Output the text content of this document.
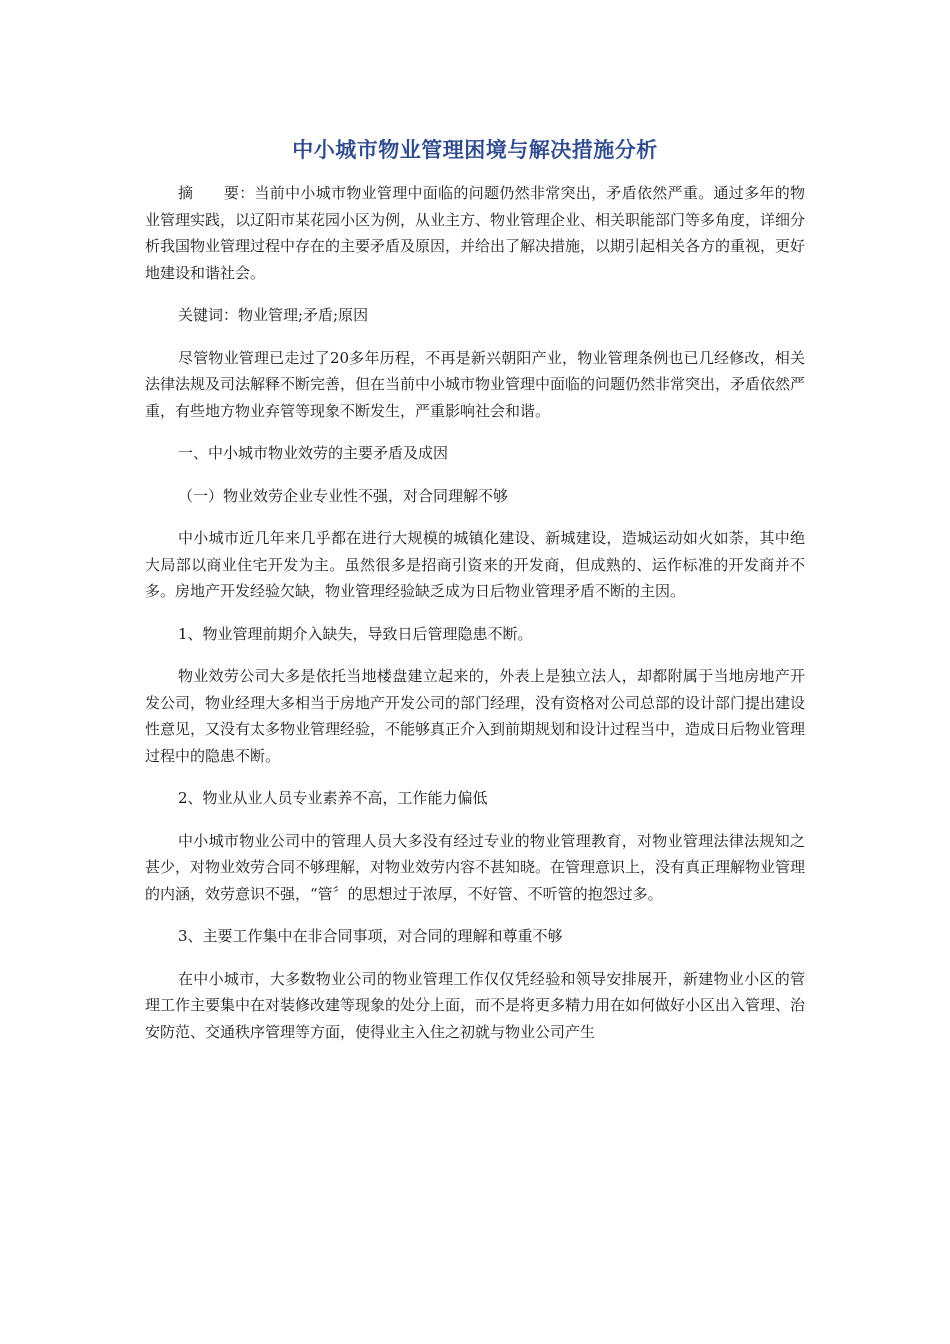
中小城市物业管理困境与解决措施分析

摘　　要：当前中小城市物业管理中面临的问题仍然非常突出，矛盾依然严重。通过多年的物业管理实践，以辽阳市某花园小区为例，从业主方、物业管理企业、相关职能部门等多角度，详细分析我国物业管理过程中存在的主要矛盾及原因，并给出了解决措施，以期引起相关各方的重视，更好地建设和谐社会。

关键词：物业管理;矛盾;原因

尽管物业管理已走过了20多年历程，不再是新兴朝阳产业，物业管理条例也已几经修改，相关法律法规及司法解释不断完善，但在当前中小城市物业管理中面临的问题仍然非常突出，矛盾依然严重，有些地方物业弃管等现象不断发生，严重影响社会和谐。

一、中小城市物业效劳的主要矛盾及成因

（一）物业效劳企业专业性不强，对合同理解不够

中小城市近几年来几乎都在进行大规模的城镇化建设、新城建设，造城运动如火如荼，其中绝大局部以商业住宅开发为主。虽然很多是招商引资来的开发商，但成熟的、运作标准的开发商并不多。房地产开发经验欠缺，物业管理经验缺乏成为日后物业管理矛盾不断的主因。

1、物业管理前期介入缺失，导致日后管理隐患不断。

物业效劳公司大多是依托当地楼盘建立起来的，外表上是独立法人，却都附属于当地房地产开发公司，物业经理大多相当于房地产开发公司的部门经理，没有资格对公司总部的设计部门提出建设性意见，又没有太多物业管理经验，不能够真正介入到前期规划和设计过程当中，造成日后物业管理过程中的隐患不断。

2、物业从业人员专业素养不高，工作能力偏低

中小城市物业公司中的管理人员大多没有经过专业的物业管理教育，对物业管理法律法规知之甚少，对物业效劳合同不够理解，对物业效劳内容不甚知晓。在管理意识上，没有真正理解物业管理的内涵，效劳意识不强，“管〞的思想过于浓厚，不好管、不听管的抱怨过多。

3、主要工作集中在非合同事项，对合同的理解和尊重不够

在中小城市，大多数物业公司的物业管理工作仅仅凭经验和领导安排展开，新建物业小区的管理工作主要集中在对装修改建等现象的处分上面，而不是将更多精力用在如何做好小区出入管理、治安防范、交通秩序管理等方面，使得业主入住之初就与物业公司产生
